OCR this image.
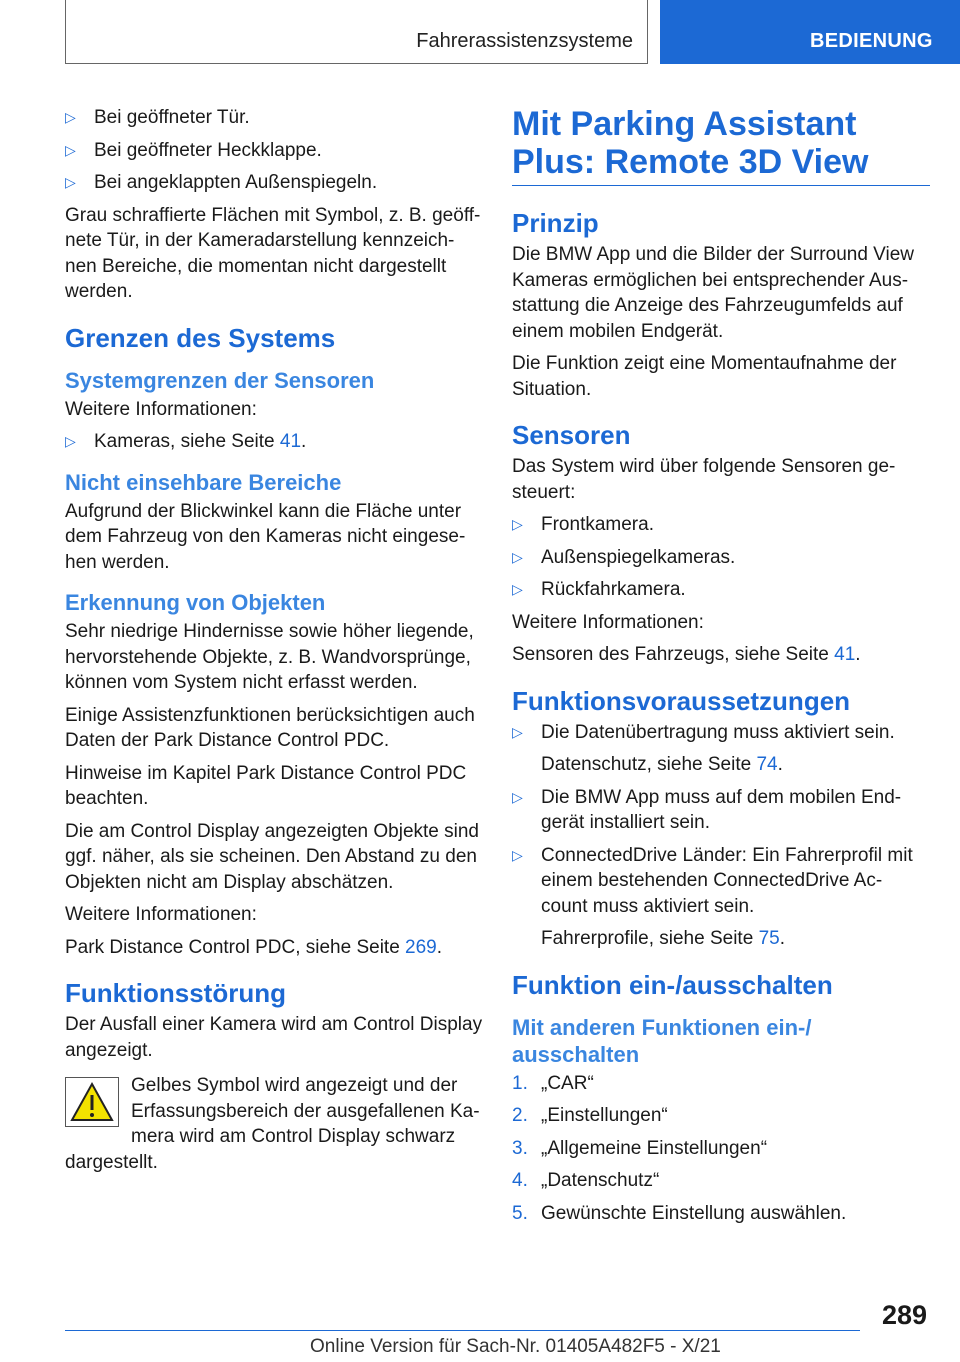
Fahrerassistenzsysteme	BEDIENUNG
▷ Bei geöffneter Tür.
▷ Bei geöffneter Heckklappe.
▷ Bei angeklappten Außenspiegeln.

Grau schraffierte Flächen mit Symbol, z. B. geöff‐ nete Tür, in der Kameradarstellung kennzeich‐ nen Bereiche, die momentan nicht dargestellt werden.

Grenzen des Systems
Systemgrenzen der Sensoren

Weitere Informationen:

▷ Kameras, siehe Seite 41.
Nicht einsehbare Bereiche

Aufgrund der Blickwinkel kann die Fläche unter dem Fahrzeug von den Kameras nicht eingese‐ hen werden.

Erkennung von Objekten

Sehr niedrige Hindernisse sowie höher liegende, hervorstehende Objekte, z. B. Wandvorsprünge, können vom System nicht erfasst werden.

Einige Assistenzfunktionen berücksichtigen auch Daten der Park Distance Control PDC.

Hinweise im Kapitel Park Distance Control PDC beachten.

Die am Control Display angezeigten Objekte sind ggf. näher, als sie scheinen. Den Abstand zu den Objekten nicht am Display abschätzen.

Weitere Informationen:

Park Distance Control PDC, siehe Seite 269.

Funktionsstörung

Der Ausfall einer Kamera wird am Control Display angezeigt.

Gelbes Symbol wird angezeigt und der Erfassungsbereich der ausgefallenen Ka‐ mera wird am Control Display schwarz

dargestellt.

Mit Parking Assistant Plus: Remote 3D View
Prinzip

Die BMW App und die Bilder der Surround View Kameras ermöglichen bei entsprechender Aus‐ stattung die Anzeige des Fahrzeugumfelds auf einem mobilen Endgerät.

Die Funktion zeigt eine Momentaufnahme der Situation.

Sensoren

Das System wird über folgende Sensoren ge‐ steuert:

▷ Frontkamera.
▷ Außenspiegelkameras.
▷ Rückfahrkamera.

Weitere Informationen:

Sensoren des Fahrzeugs, siehe Seite 41.

Funktionsvoraussetzungen
▷ Die Datenübertragung muss aktiviert sein.
Datenschutz, siehe Seite 74.
▷ Die BMW App muss auf dem mobilen End‐ gerät installiert sein.
▷ ConnectedDrive Länder: Ein Fahrerprofil mit einem bestehenden ConnectedDrive Ac‐ count muss aktiviert sein.
Fahrerprofile, siehe Seite 75.
Funktion ein-/ausschalten
Mit anderen Funktionen ein-/ ausschalten
1. „CAR“
2. „Einstellungen“
3. „Allgemeine Einstellungen“
4. „Datenschutz“
5. Gewünschte Einstellung auswählen.
289
Online Version für Sach-Nr. 01405A482F5 - X/21
